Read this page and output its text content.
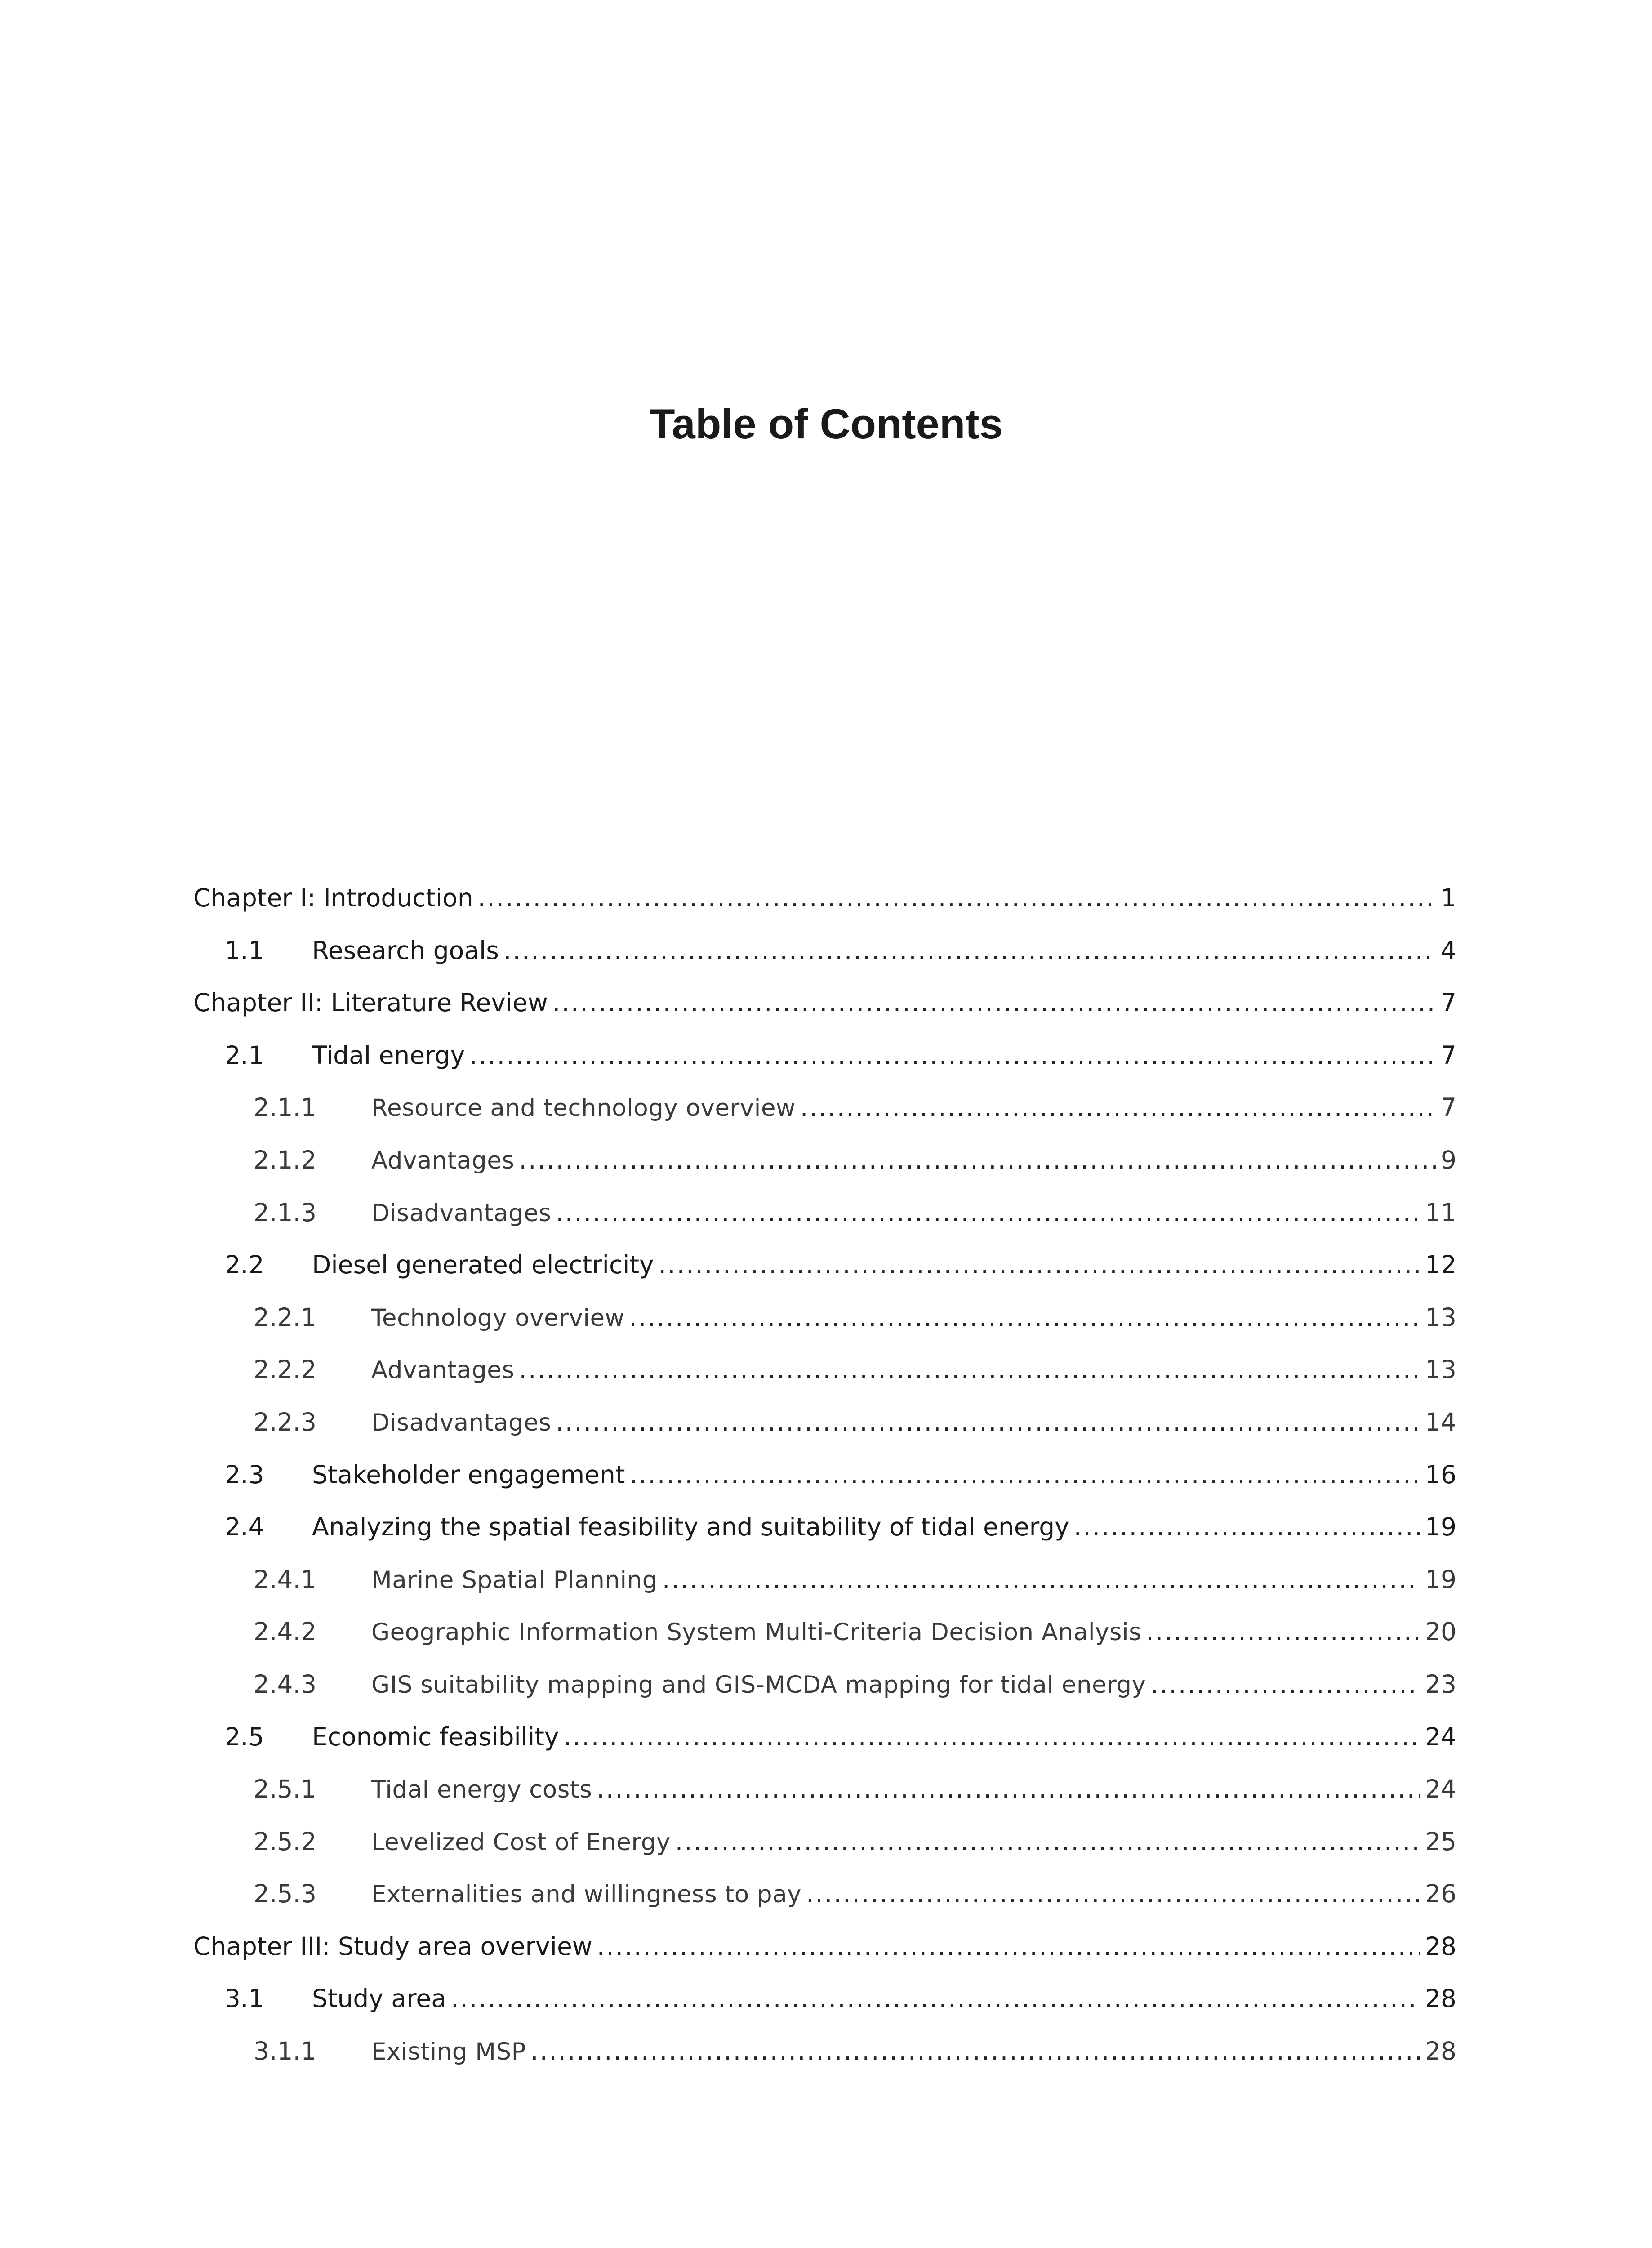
Table of Contents
Chapter I: Introduction .....	1
1.1	Research goals .....	4
Chapter II: Literature Review .....	7
2.1	Tidal energy .....	7
2.1.1	Resource and technology overview .....	7
2.1.2	Advantages .....	9
2.1.3	Disadvantages .....	11
2.2	Diesel generated electricity .....	12
2.2.1	Technology overview .....	13
2.2.2	Advantages .....	13
2.2.3	Disadvantages .....	14
2.3	Stakeholder engagement .....	16
2.4	Analyzing the spatial feasibility and suitability of tidal energy .....	19
2.4.1	Marine Spatial Planning .....	19
2.4.2	Geographic Information System Multi-Criteria Decision Analysis .....	20
2.4.3	GIS suitability mapping and GIS-MCDA mapping for tidal energy .....	23
2.5	Economic feasibility .....	24
2.5.1	Tidal energy costs .....	24
2.5.2	Levelized Cost of Energy .....	25
2.5.3	Externalities and willingness to pay .....	26
Chapter III: Study area overview .....	28
3.1	Study area .....	28
3.1.1	Existing MSP .....	28
